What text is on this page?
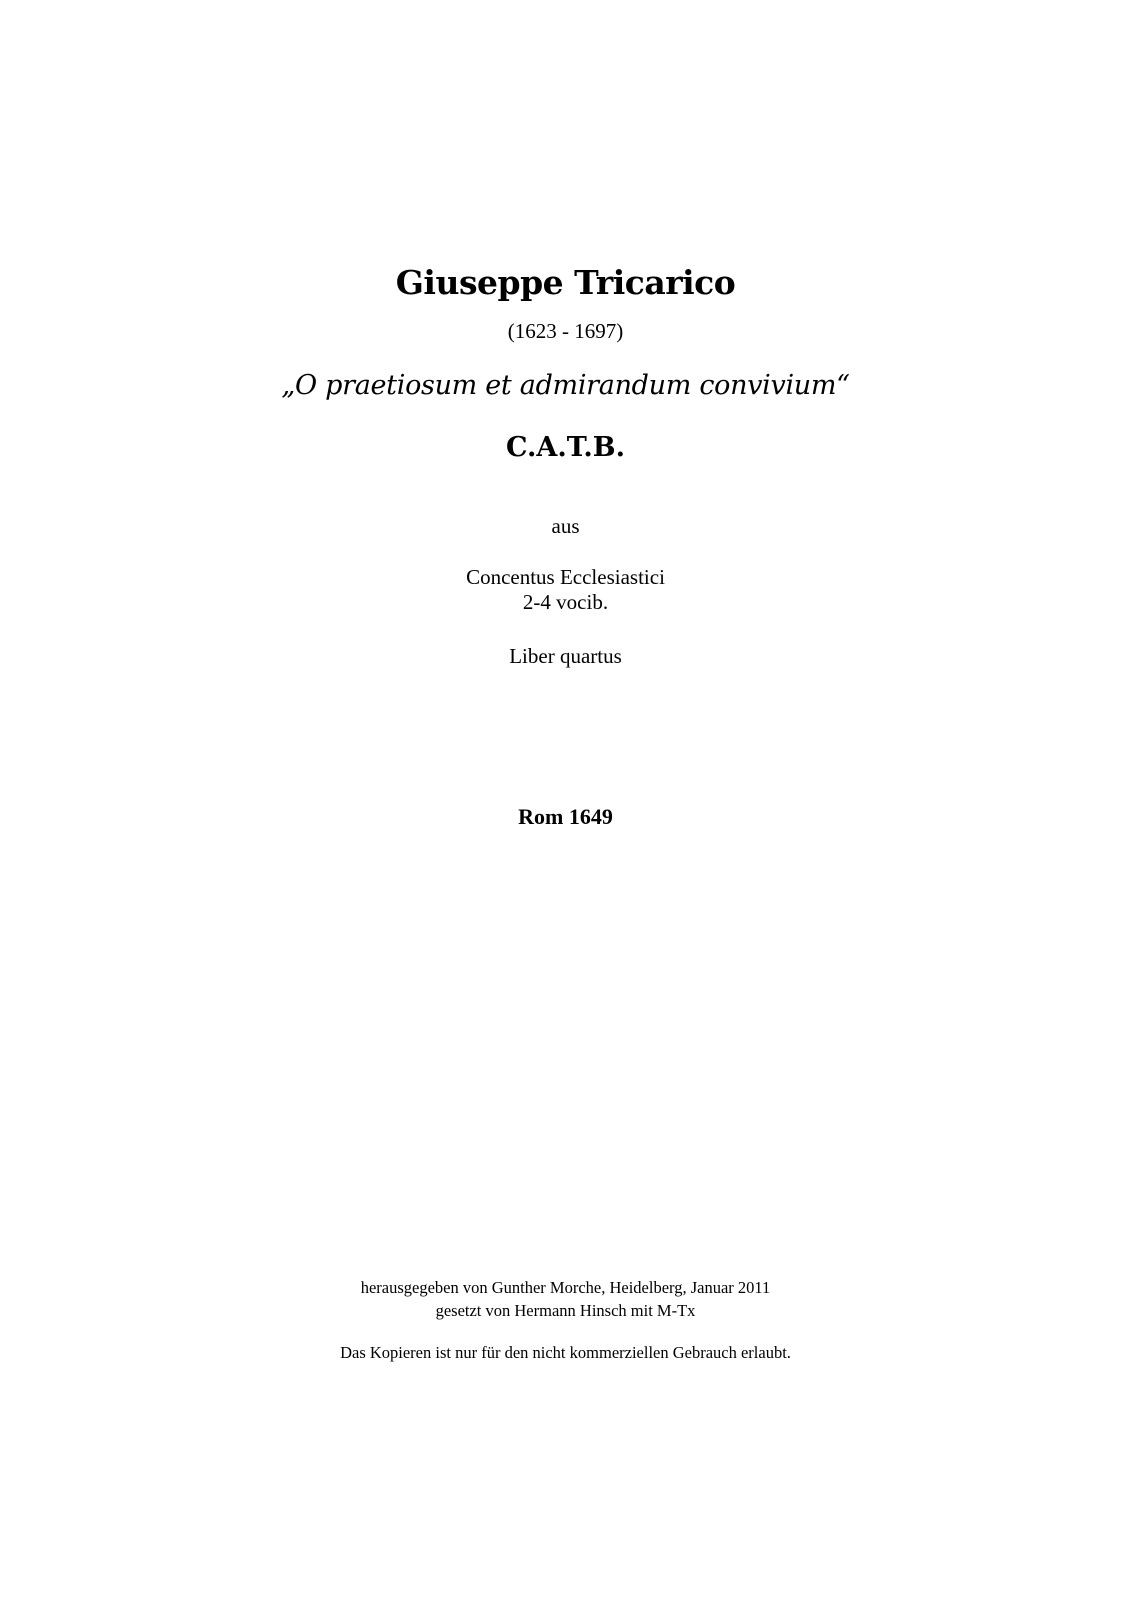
Giuseppe Tricarico
(1623 - 1697)
„O praetiosum et admirandum convivium“
C.A.T.B.
aus
Concentus Ecclesiastici
2-4 vocib.
Liber quartus
Rom 1649
herausgegeben von Gunther Morche, Heidelberg, Januar 2011
gesetzt von Hermann Hinsch mit M-Tx
Das Kopieren ist nur für den nicht kommerziellen Gebrauch erlaubt.
